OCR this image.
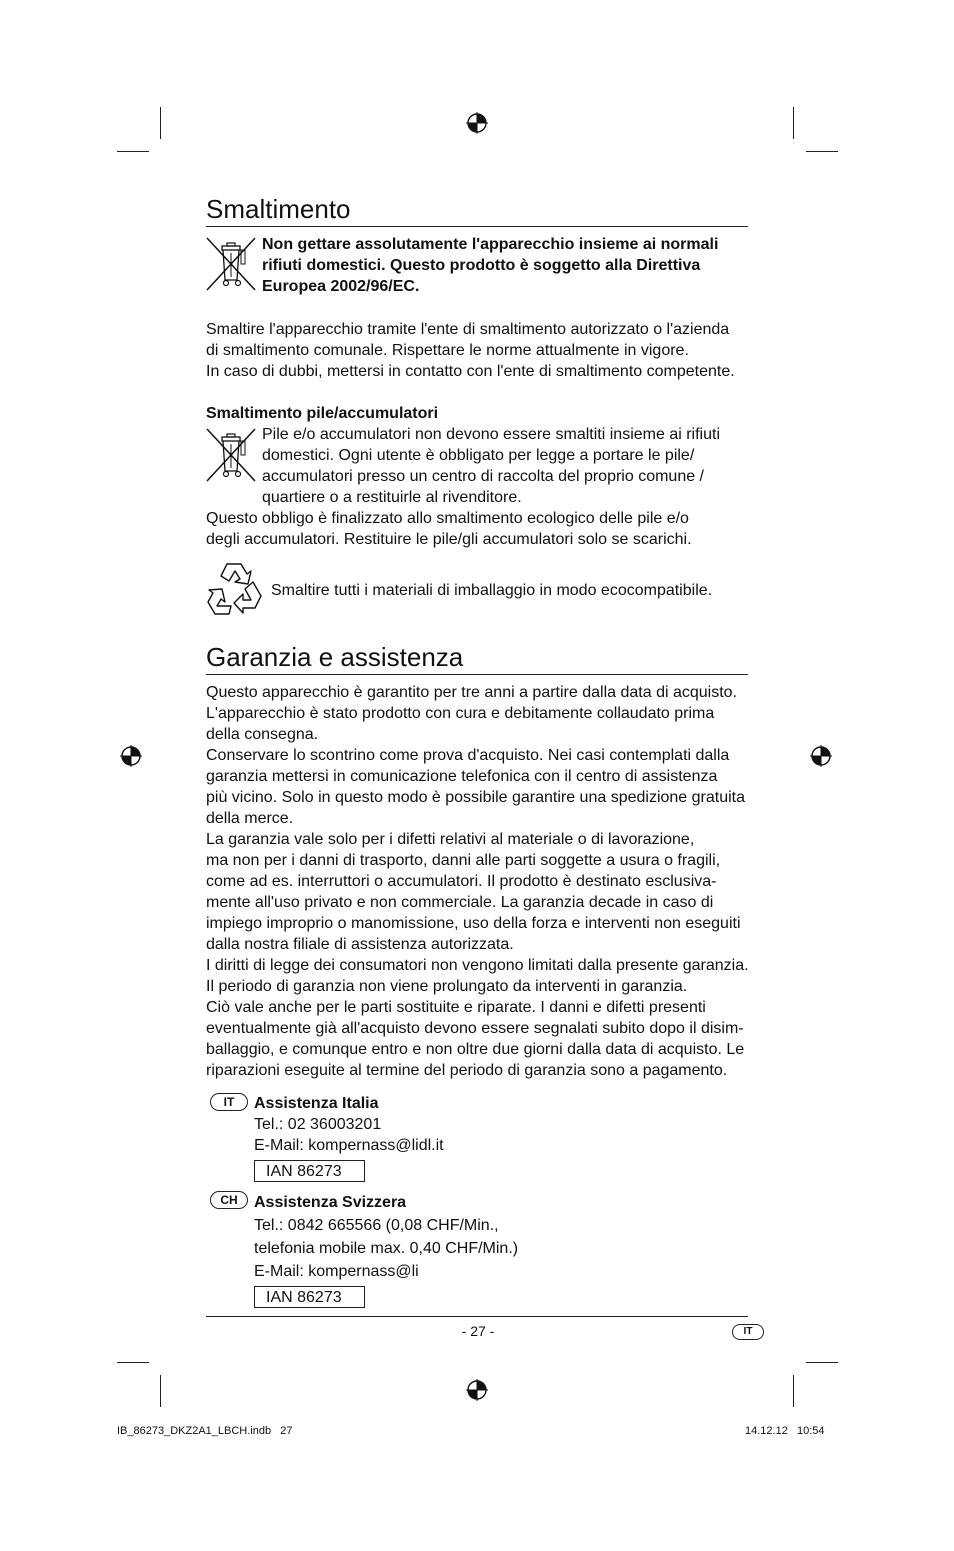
Smaltimento
Non gettare assolutamente l'apparecchio insieme ai normali rifiuti domestici. Questo prodotto è soggetto alla Direttiva Europea 2002/96/EC.
Smaltire l'apparecchio tramite l'ente di smaltimento autorizzato o l'azienda
di smaltimento comunale. Rispettare le norme attualmente in vigore.
In caso di dubbi, mettersi in contatto con l'ente di smaltimento competente.
Smaltimento pile/accumulatori
Pile e/o accumulatori non devono essere smaltiti insieme ai rifiuti
domestici. Ogni utente è obbligato per legge a portare le pile/
accumulatori presso un centro di raccolta del proprio comune /
quartiere o a restituirle al rivenditore.
Questo obbligo è finalizzato allo smaltimento ecologico delle pile e/o
degli accumulatori. Restituire le pile/gli accumulatori solo se scarichi.
Smaltire tutti i materiali di imballaggio in modo ecocompatibile.
Garanzia e assistenza
Questo apparecchio è garantito per tre anni a partire dalla data di acquisto.
L'apparecchio è stato prodotto con cura e debitamente collaudato prima
della consegna.
Conservare lo scontrino come prova d'acquisto. Nei casi contemplati dalla
garanzia mettersi in comunicazione telefonica con il centro di assistenza
più vicino. Solo in questo modo è possibile garantire una spedizione gratuita
della merce.
La garanzia vale solo per i difetti relativi al materiale o di lavorazione,
ma non per i danni di trasporto, danni alle parti soggette a usura o fragili,
come ad es. interruttori o accumulatori. Il prodotto è destinato esclusiva-
mente all'uso privato e non commerciale. La garanzia decade in caso di
impiego improprio o manomissione, uso della forza e interventi non eseguiti
dalla nostra filiale di assistenza autorizzata.
I diritti di legge dei consumatori non vengono limitati dalla presente garanzia.
Il periodo di garanzia non viene prolungato da interventi in garanzia.
Ciò vale anche per le parti sostituite e riparate. I danni e difetti presenti
eventualmente già all'acquisto devono essere segnalati subito dopo il disim-
ballaggio, e comunque entro e non oltre due giorni dalla data di acquisto. Le
riparazioni eseguite al termine del periodo di garanzia sono a pagamento.
IT	Assistenza Italia
Tel.: 02 36003201
E-Mail: kompernass@lidl.it
IAN 86273
CH	Assistenza Svizzera
Tel.: 0842 665566 (0,08 CHF/Min.,
telefonia mobile max. 0,40 CHF/Min.)
E-Mail: kompernass@li
IAN 86273
- 27 -	IT
IB_86273_DKZ2A1_LBCH.indb   27	14.12.12   10:54
